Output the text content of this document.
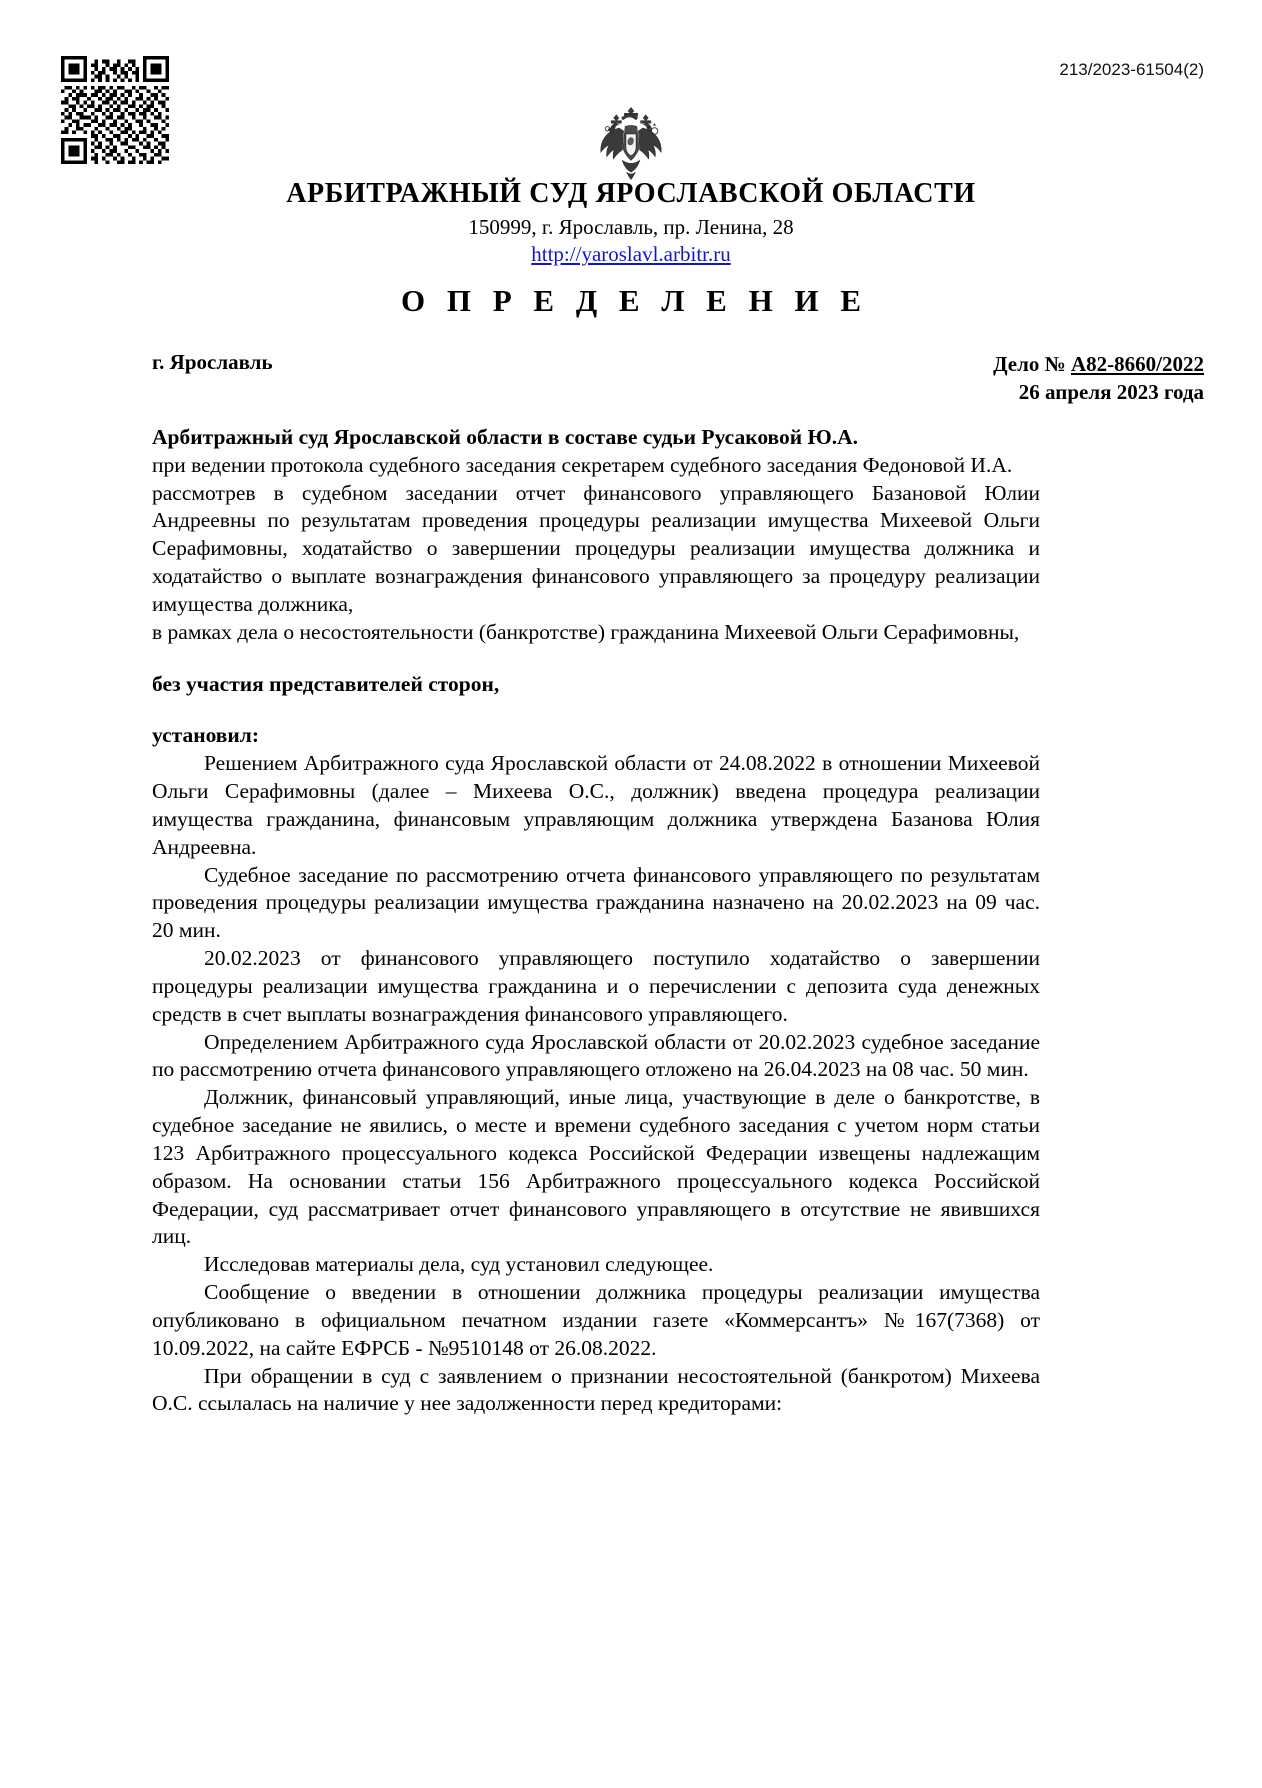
213/2023-61504(2)
АРБИТРАЖНЫЙ СУД ЯРОСЛАВСКОЙ ОБЛАСТИ
150999, г. Ярославль, пр. Ленина, 28
http://yaroslavl.arbitr.ru
О П Р Е Д Е Л Е Н И Е
г. Ярославль	Дело № А82-8660/2022
26 апреля 2023 года

Арбитражный суд Ярославской области в составе судьи Русаковой Ю.А.

при ведении протокола судебного заседания секретарем судебного заседания Федоновой И.А.

рассмотрев в судебном заседании отчет финансового управляющего Базановой Юлии Андреевны по результатам проведения процедуры реализации имущества Михеевой Ольги Серафимовны, ходатайство о завершении процедуры реализации имущества должника и ходатайство о выплате вознаграждения финансового управляющего за процедуру реализации имущества должника,

в рамках дела о несостоятельности (банкротстве) гражданина Михеевой Ольги Серафимовны,

без участия представителей сторон,

установил:

Решением Арбитражного суда Ярославской области от 24.08.2022 в отношении Михеевой Ольги Серафимовны (далее – Михеева О.С., должник) введена процедура реализации имущества гражданина, финансовым управляющим должника утверждена Базанова Юлия Андреевна.

Судебное заседание по рассмотрению отчета финансового управляющего по результатам проведения процедуры реализации имущества гражданина назначено на 20.02.2023 на 09 час. 20 мин.

20.02.2023 от финансового управляющего поступило ходатайство о завершении процедуры реализации имущества гражданина и о перечислении с депозита суда денежных средств в счет выплаты вознаграждения финансового управляющего.

Определением Арбитражного суда Ярославской области от 20.02.2023 судебное заседание по рассмотрению отчета финансового управляющего отложено на 26.04.2023 на 08 час. 50 мин.

Должник, финансовый управляющий, иные лица, участвующие в деле о банкротстве, в судебное заседание не явились, о месте и времени судебного заседания с учетом норм статьи 123 Арбитражного процессуального кодекса Российской Федерации извещены надлежащим образом. На основании статьи 156 Арбитражного процессуального кодекса Российской Федерации, суд рассматривает отчет финансового управляющего в отсутствие не явившихся лиц.

Исследовав материалы дела, суд установил следующее.

Сообщение о введении в отношении должника процедуры реализации имущества опубликовано в официальном печатном издании газете «Коммерсантъ» №167(7368) от 10.09.2022, на сайте ЕФРСБ - №9510148 от 26.08.2022.

При обращении в суд с заявлением о признании несостоятельной (банкротом) Михеева О.С. ссылалась на наличие у нее задолженности перед кредиторами:
